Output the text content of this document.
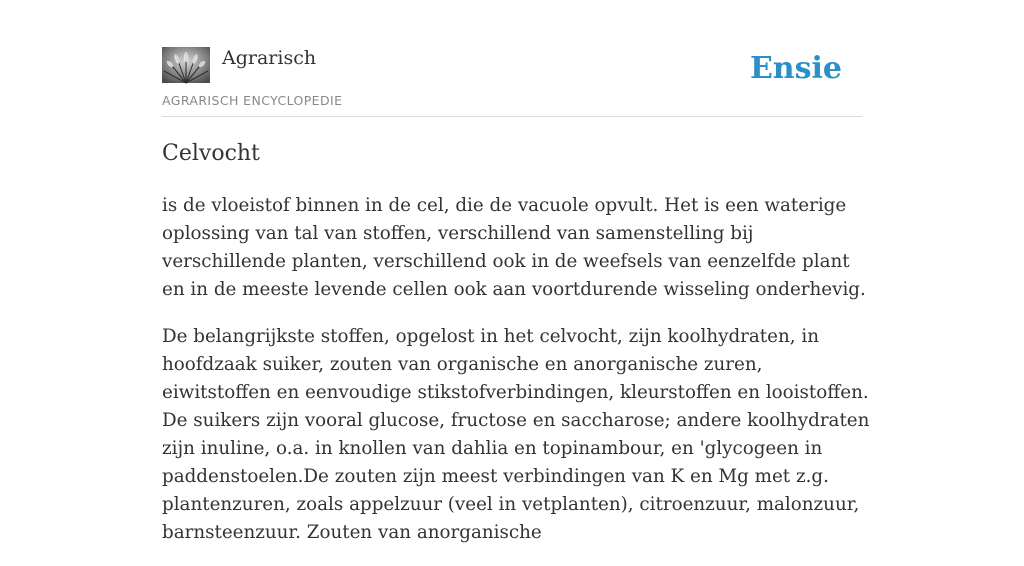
Agrarisch
AGRARISCH ENCYCLOPEDIE
Ensie
Celvocht

is de vloeistof binnen in de cel, die de vacuole opvult. Het is een waterige oplossing van tal van stoffen, verschillend van samenstelling bij verschillende planten, verschillend ook in de weefsels van eenzelfde plant en in de meeste levende cellen ook aan voortdurende wisseling onderhevig.

De belangrijkste stoffen, opgelost in het celvocht, zijn koolhydraten, in hoofdzaak suiker, zouten van organische en anorganische zuren, eiwitstoffen en eenvoudige stikstofverbindingen, kleurstoffen en looistoffen. De suikers zijn vooral glucose, fructose en saccharose; andere koolhydraten zijn inuline, o.a. in knollen van dahlia en topinambour, en 'glycogeen in paddenstoelen.De zouten zijn meest verbindingen van K en Mg met z.g. plantenzuren, zoals appelzuur (veel in vetplanten), citroenzuur, malonzuur, barnsteenzuur. Zouten van anorganische
